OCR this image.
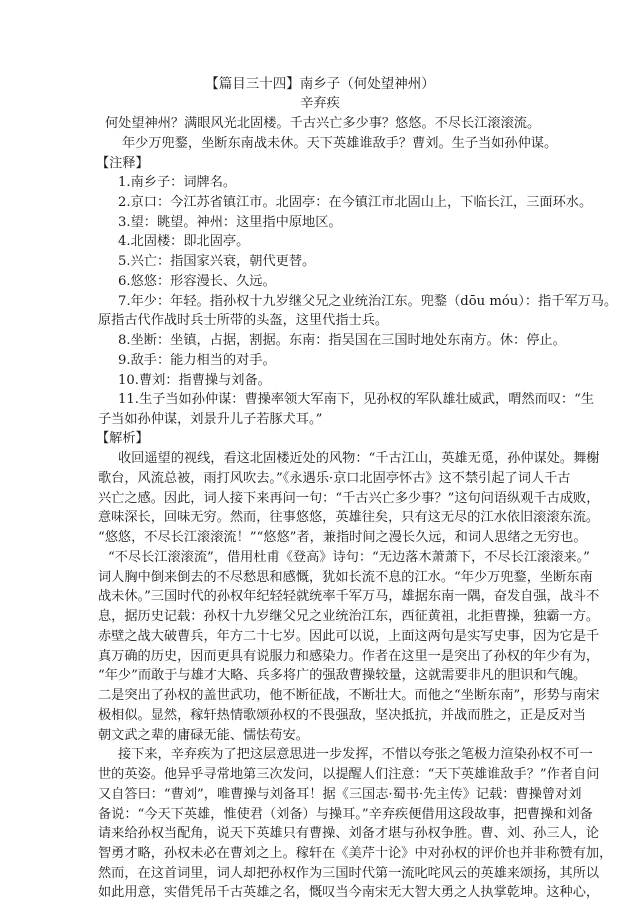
【篇目三十四】南乡子（何处望神州）
辛弃疾
何处望神州？满眼风光北固楼。千古兴亡多少事？悠悠。不尽长江滚滚流。
年少万兜鍪，坐断东南战未休。天下英雄谁敌手？曹刘。生子当如孙仲谋。
【注释】
1.南乡子：词牌名。
2.京口：今江苏省镇江市。北固亭：在今镇江市北固山上，下临长江，三面环水。
3.望：眺望。神州：这里指中原地区。
4.北固楼：即北固亭。
5.兴亡：指国家兴衰，朝代更替。
6.悠悠：形容漫长、久远。
7.年少：年轻。指孙权十九岁继父兄之业统治江东。兜鍪（dōu móu）：指千军万马。
原指古代作战时兵士所带的头盔，这里代指士兵。
8.坐断：坐镇，占据，割据。东南：指吴国在三国时地处东南方。休：停止。
9.敌手：能力相当的对手。
10.曹刘：指曹操与刘备。
11.生子当如孙仲谋：曹操率领大军南下，见孙权的军队雄壮威武，喟然而叹：“生
子当如孙仲谋，刘景升儿子若豚犬耳。”
【解析】
收回遥望的视线，看这北固楼近处的风物：“千古江山，英雄无觅，孙仲谋处。舞榭
歌台，风流总被，雨打风吹去。”《永遇乐·京口北固亭怀古》这不禁引起了词人千古
兴亡之感。因此，词人接下来再问一句：“千古兴亡多少事？”这句问语纵观千古成败，
意味深长，回味无穷。然而，往事悠悠，英雄往矣，只有这无尽的江水依旧滚滚东流。
“悠悠，不尽长江滚滚流！”“悠悠”者，兼指时间之漫长久远，和词人思绪之无穷也。
“不尽长江滚滚流”，借用杜甫《登高》诗句：“无边落木萧萧下，不尽长江滚滚来。”
词人胸中倒来倒去的不尽愁思和感慨，犹如长流不息的江水。“年少万兜鍪，坐断东南
战未休。”三国时代的孙权年纪轻轻就统率千军万马，雄据东南一隅，奋发自强，战斗不
息，据历史记载：孙权十九岁继父兄之业统治江东，西征黄祖，北拒曹操，独霸一方。
赤壁之战大破曹兵，年方二十七岁。因此可以说，上面这两句是实写史事，因为它是千
真万确的历史，因而更具有说服力和感染力。作者在这里一是突出了孙权的年少有为，
“年少”而敢于与雄才大略、兵多将广的强敌曹操较量，这就需要非凡的胆识和气魄。
二是突出了孙权的盖世武功，他不断征战，不断壮大。而他之“坐断东南”，形势与南宋
极相似。显然，稼轩热情歌颂孙权的不畏强敌，坚决抵抗，并战而胜之，正是反对当
朝文武之辈的庸碌无能、懦怯苟安。
接下来，辛弃疾为了把这层意思进一步发挥，不惜以夸张之笔极力渲染孙权不可一
世的英姿。他异乎寻常地第三次发问，以提醒人们注意：“天下英雄谁敌手？”作者自问
又自答曰：“曹刘”，唯曹操与刘备耳！据《三国志·蜀书·先主传》记载：曹操曾对刘
备说：“今天下英雄，惟使君（刘备）与操耳。”辛弃疾便借用这段故事，把曹操和刘备
请来给孙权当配角，说天下英雄只有曹操、刘备才堪与孙权争胜。曹、刘、孙三人，论
智勇才略，孙权未必在曹刘之上。稼轩在《美芹十论》中对孙权的评价也并非称赞有加，
然而，在这首词里，词人却把孙权作为三国时代第一流叱咤风云的英雄来颂扬，其所以
如此用意，实借凭吊千古英雄之名，慨叹当今南宋无大智大勇之人执掌乾坤。这种心，
